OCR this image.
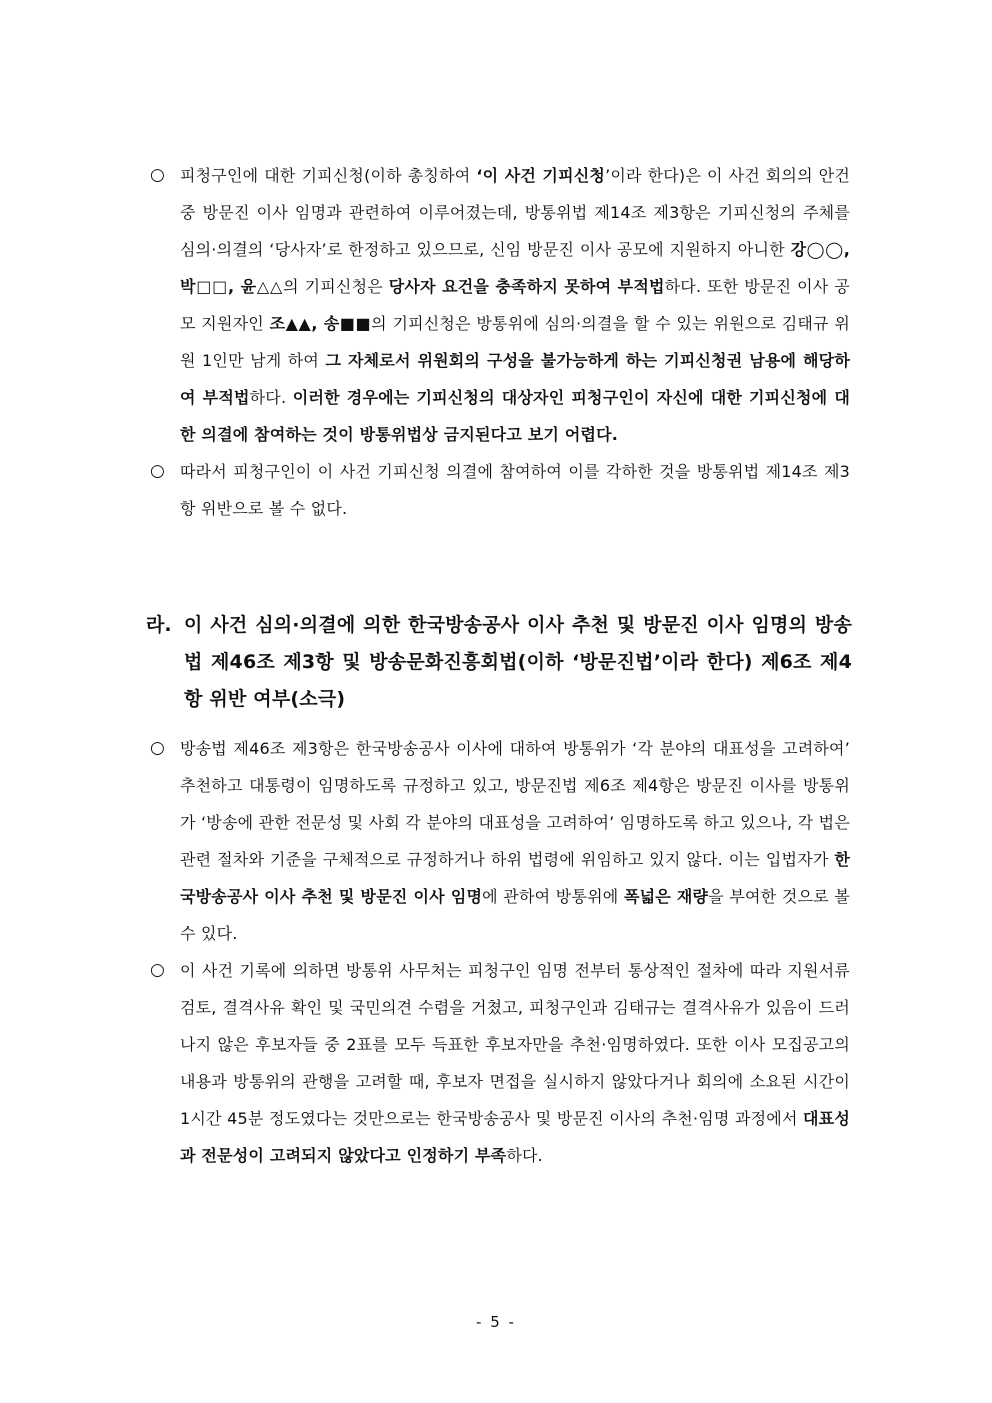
○ 피청구인에 대한 기피신청(이하 총칭하여 ‘이 사건 기피신청’이라 한다)은 이 사건 회의의 안건 중 방문진 이사 임명과 관련하여 이루어졌는데, 방통위법 제14조 제3항은 기피신청의 주체를 심의·의결의 ‘당사자’로 한정하고 있으므로, 신임 방문진 이사 공모에 지원하지 아니한 강◯◯, 박□□, 윤△△의 기피신청은 당사자 요건을 충족하지 못하여 부적법하다. 또한 방문진 이사 공모 지원자인 조▲▲, 송■■의 기피신청은 방통위에 심의·의결을 할 수 있는 위원으로 김태규 위원 1인만 남게 하여 그 자체로서 위원회의 구성을 불가능하게 하는 기피신청권 남용에 해당하여 부적법하다. 이러한 경우에는 기피신청의 대상자인 피청구인이 자신에 대한 기피신청에 대한 의결에 참여하는 것이 방통위법상 금지된다고 보기 어렵다.
○ 따라서 피청구인이 이 사건 기피신청 의결에 참여하여 이를 각하한 것을 방통위법 제14조 제3항 위반으로 볼 수 없다.
라. 이 사건 심의·의결에 의한 한국방송공사 이사 추천 및 방문진 이사 임명의 방송법 제46조 제3항 및 방송문화진흥회법(이하 ‘방문진법’이라 한다) 제6조 제4항 위반 여부(소극)
○ 방송법 제46조 제3항은 한국방송공사 이사에 대하여 방통위가 ‘각 분야의 대표성을 고려하여’ 추천하고 대통령이 임명하도록 규정하고 있고, 방문진법 제6조 제4항은 방문진 이사를 방통위가 ‘방송에 관한 전문성 및 사회 각 분야의 대표성을 고려하여’ 임명하도록 하고 있으나, 각 법은 관련 절차와 기준을 구체적으로 규정하거나 하위 법령에 위임하고 있지 않다. 이는 입법자가 한국방송공사 이사 추천 및 방문진 이사 임명에 관하여 방통위에 폭넓은 재량을 부여한 것으로 볼 수 있다.
○ 이 사건 기록에 의하면 방통위 사무처는 피청구인 임명 전부터 통상적인 절차에 따라 지원서류 검토, 결격사유 확인 및 국민의견 수렴을 거쳤고, 피청구인과 김태규는 결격사유가 있음이 드러나지 않은 후보자들 중 2표를 모두 득표한 후보자만을 추천·임명하였다. 또한 이사 모집공고의 내용과 방통위의 관행을 고려할 때, 후보자 면접을 실시하지 않았다거나 회의에 소요된 시간이 1시간 45분 정도였다는 것만으로는 한국방송공사 및 방문진 이사의 추천·임명 과정에서 대표성과 전문성이 고려되지 않았다고 인정하기 부족하다.
- 5 -
